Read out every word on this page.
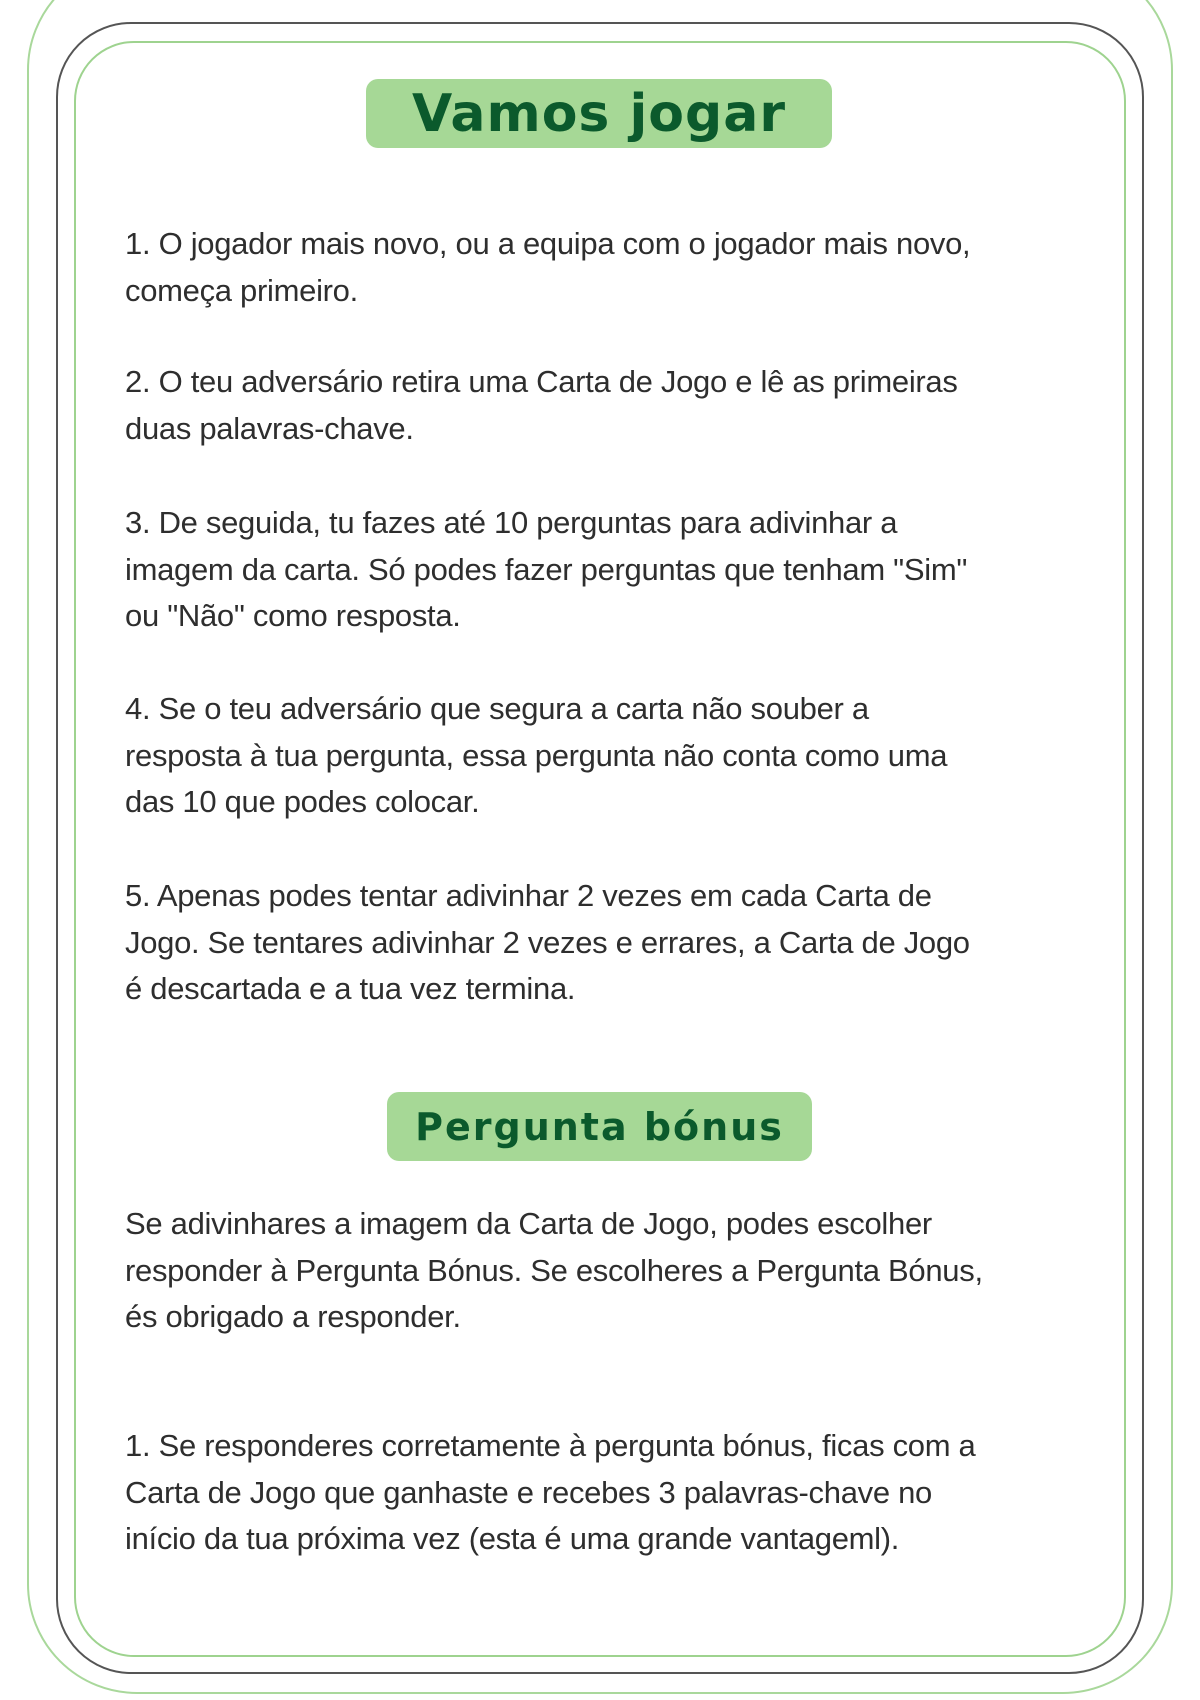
Vamos jogar
1. O jogador mais novo, ou a equipa com o jogador mais novo,
começa primeiro.
2. O teu adversário retira uma Carta de Jogo e lê as primeiras
duas palavras-chave.
3. De seguida, tu fazes até 10 perguntas para adivinhar a
imagem da carta. Só podes fazer perguntas que tenham "Sim"
ou "Não" como resposta.
4. Se o teu adversário que segura a carta não souber a
resposta à tua pergunta, essa pergunta não conta como uma
das 10 que podes colocar.
5. Apenas podes tentar adivinhar 2 vezes em cada Carta de
Jogo. Se tentares adivinhar 2 vezes e errares, a Carta de Jogo
é descartada e a tua vez termina.
Pergunta bónus
Se adivinhares a imagem da Carta de Jogo, podes escolher
responder à Pergunta Bónus. Se escolheres a Pergunta Bónus,
és obrigado a responder.
1. Se responderes corretamente à pergunta bónus, ficas com a
Carta de Jogo que ganhaste e recebes 3 palavras-chave no
início da tua próxima vez (esta é uma grande vantageml).
